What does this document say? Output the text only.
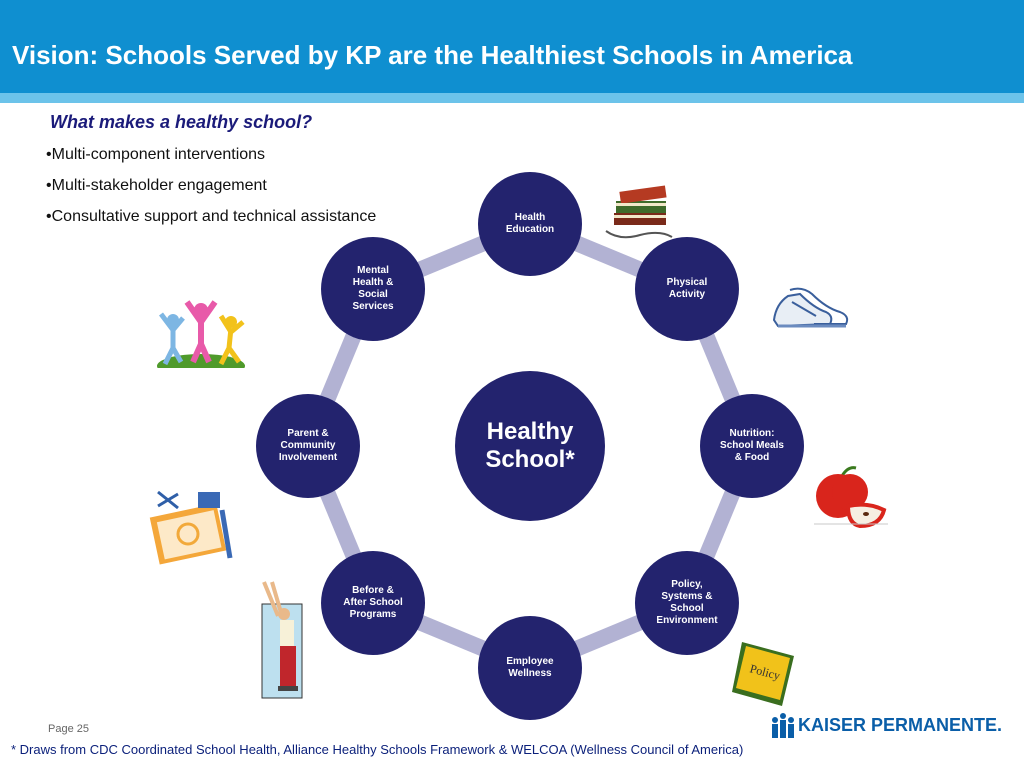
Vision: Schools Served by KP are the Healthiest Schools in America
What makes a healthy school?
• Multi-component interventions
• Multi-stakeholder engagement
• Consultative support and technical assistance
Healthy
School*
Health
Education
Physical
Activity
Nutrition:
School Meals
& Food
Policy,
Systems &
School
Environment
Employee
Wellness
Before &
After School
Programs
Parent &
Community
Involvement
Mental
Health &
Social
Services
Policy
Page 25
* Draws from CDC Coordinated School Health, Alliance Healthy Schools Framework & WELCOA (Wellness Council of America)
KAISER PERMANENTE.
